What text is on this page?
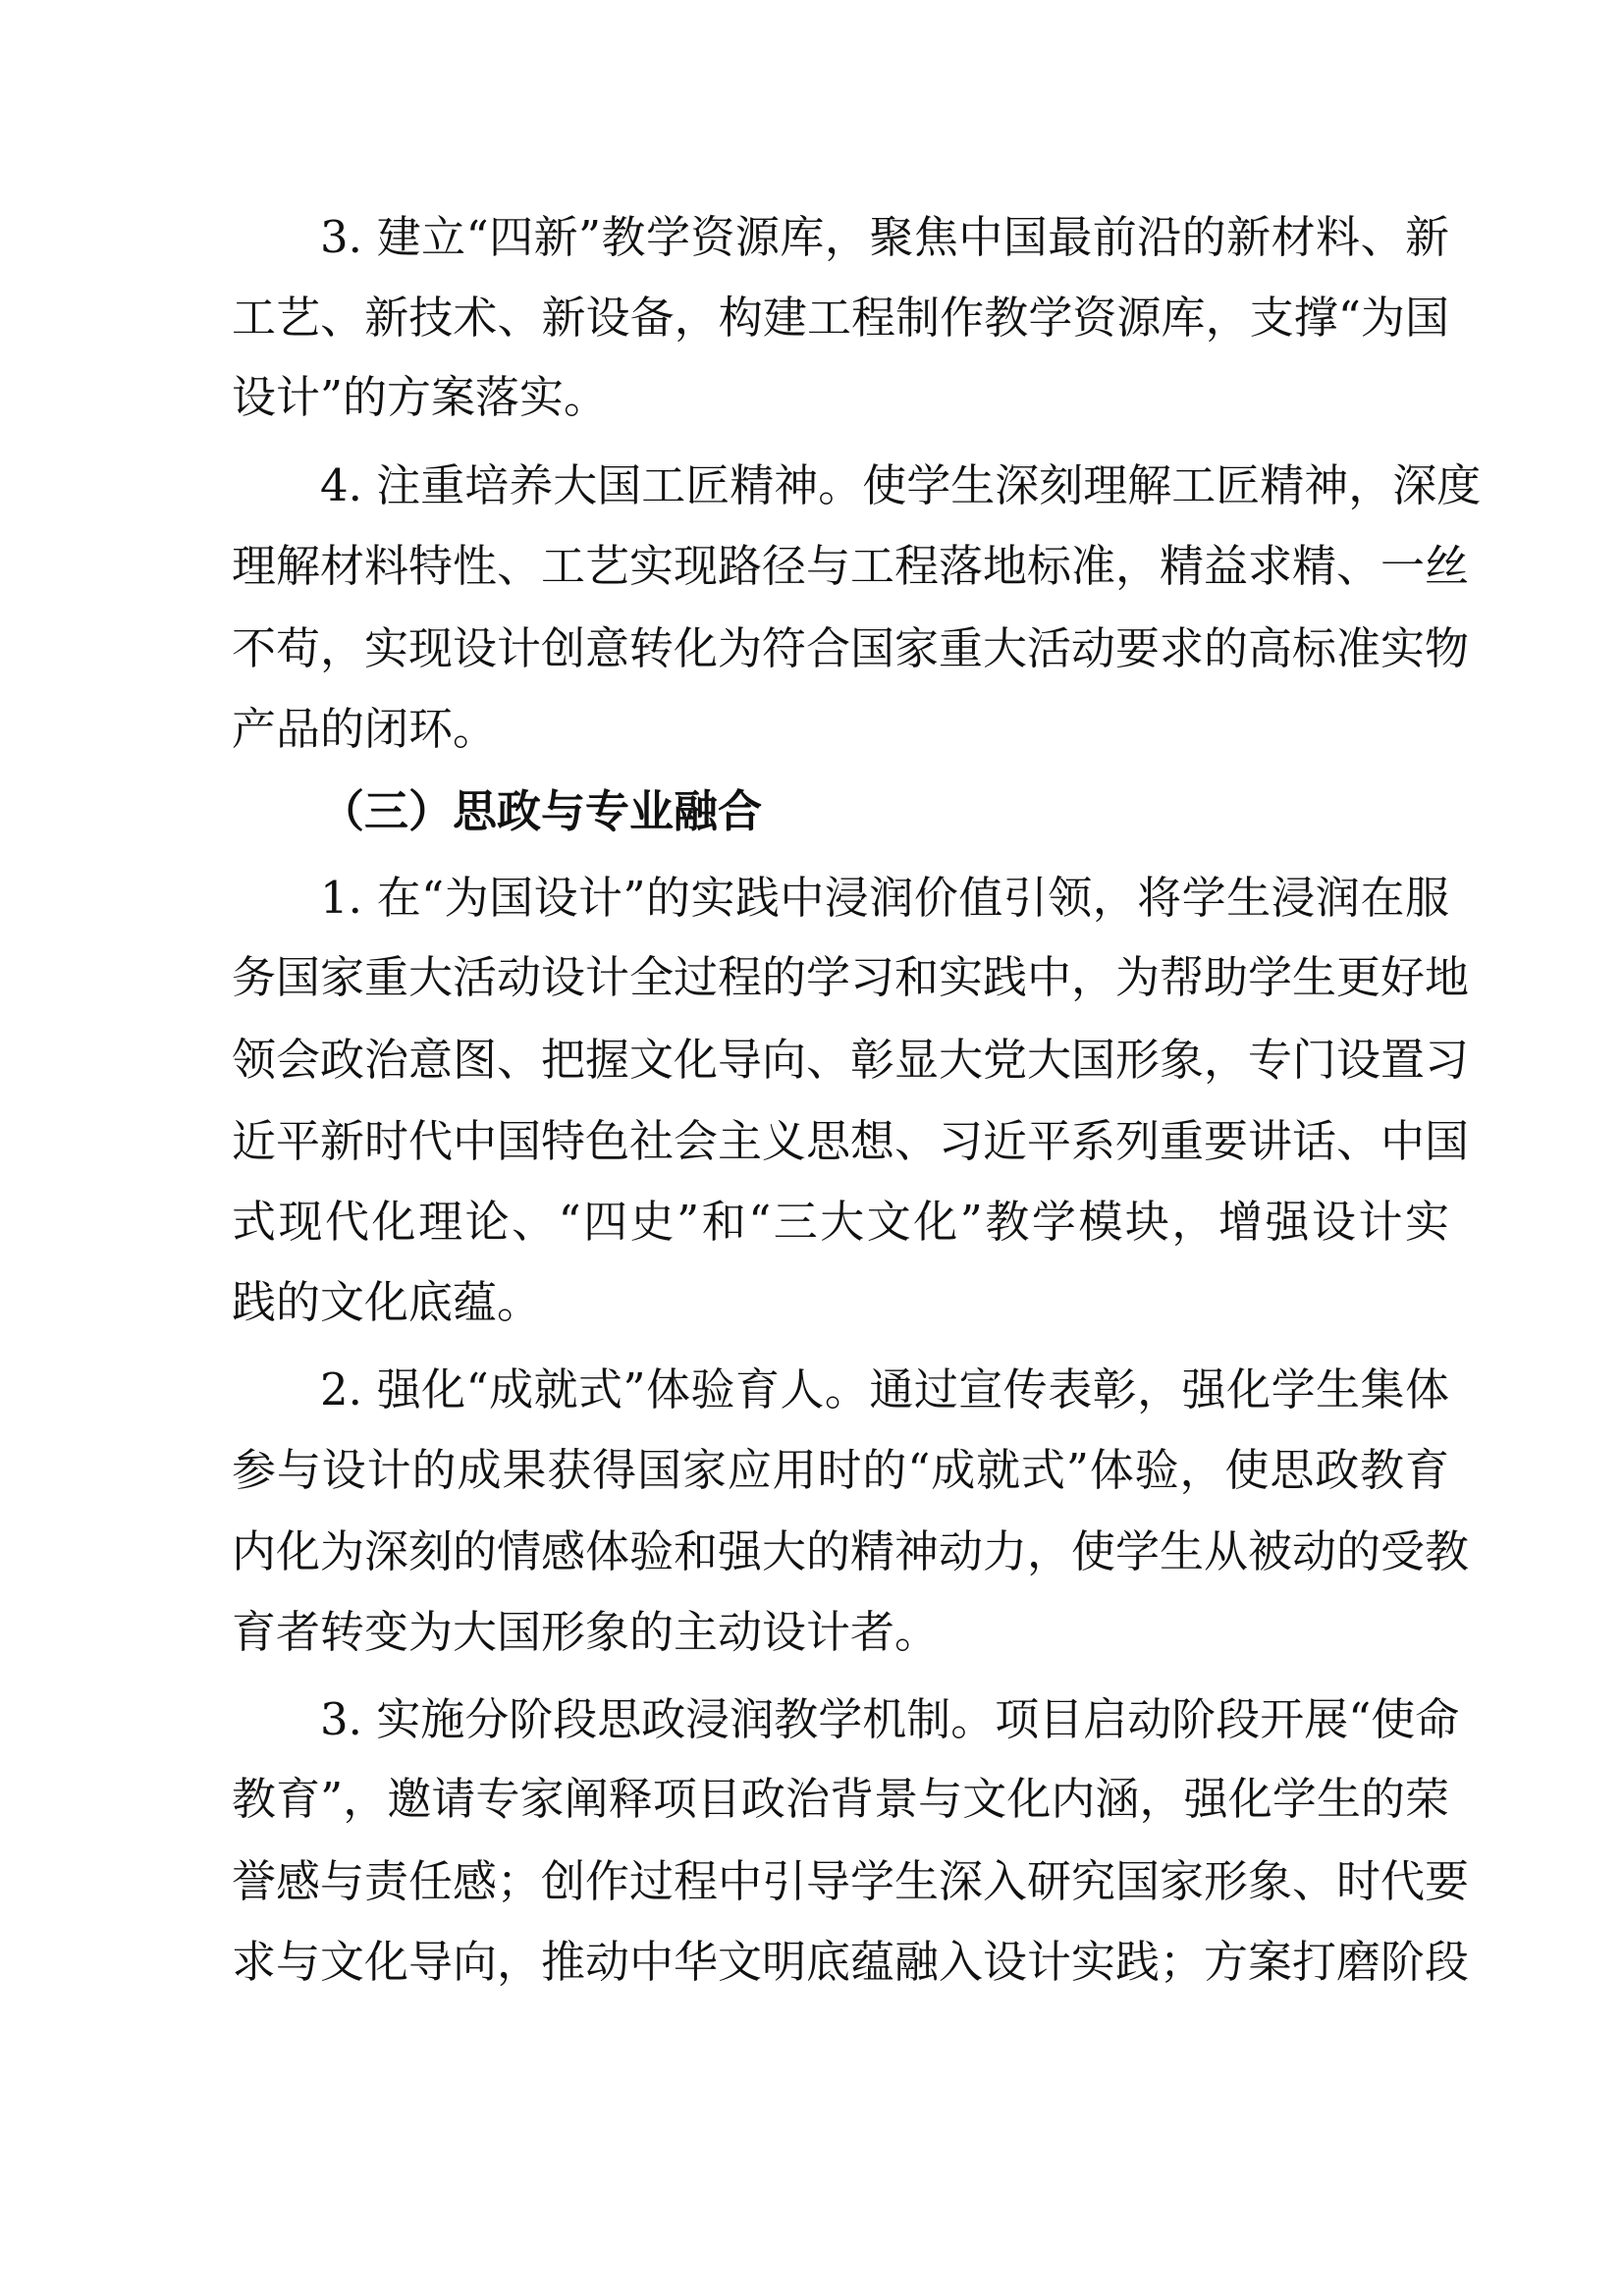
3. 建立“四新”教学资源库，聚焦中国最前沿的新材料、新
工艺、新技术、新设备，构建工程制作教学资源库，支撑“为国
设计”的方案落实。
4. 注重培养大国工匠精神。使学生深刻理解工匠精神，深度
理解材料特性、工艺实现路径与工程落地标准，精益求精、一丝
不苟，实现设计创意转化为符合国家重大活动要求的高标准实物
产品的闭环。
（三）思政与专业融合
1. 在“为国设计”的实践中浸润价值引领，将学生浸润在服
务国家重大活动设计全过程的学习和实践中，为帮助学生更好地
领会政治意图、把握文化导向、彰显大党大国形象，专门设置习
近平新时代中国特色社会主义思想、习近平系列重要讲话、中国
式现代化理论、“四史”和“三大文化”教学模块，增强设计实
践的文化底蕴。
2. 强化“成就式”体验育人。通过宣传表彰，强化学生集体
参与设计的成果获得国家应用时的“成就式”体验，使思政教育
内化为深刻的情感体验和强大的精神动力，使学生从被动的受教
育者转变为大国形象的主动设计者。
3. 实施分阶段思政浸润教学机制。项目启动阶段开展“使命
教育”，邀请专家阐释项目政治背景与文化内涵，强化学生的荣
誉感与责任感；创作过程中引导学生深入研究国家形象、时代要
求与文化导向，推动中华文明底蕴融入设计实践；方案打磨阶段
